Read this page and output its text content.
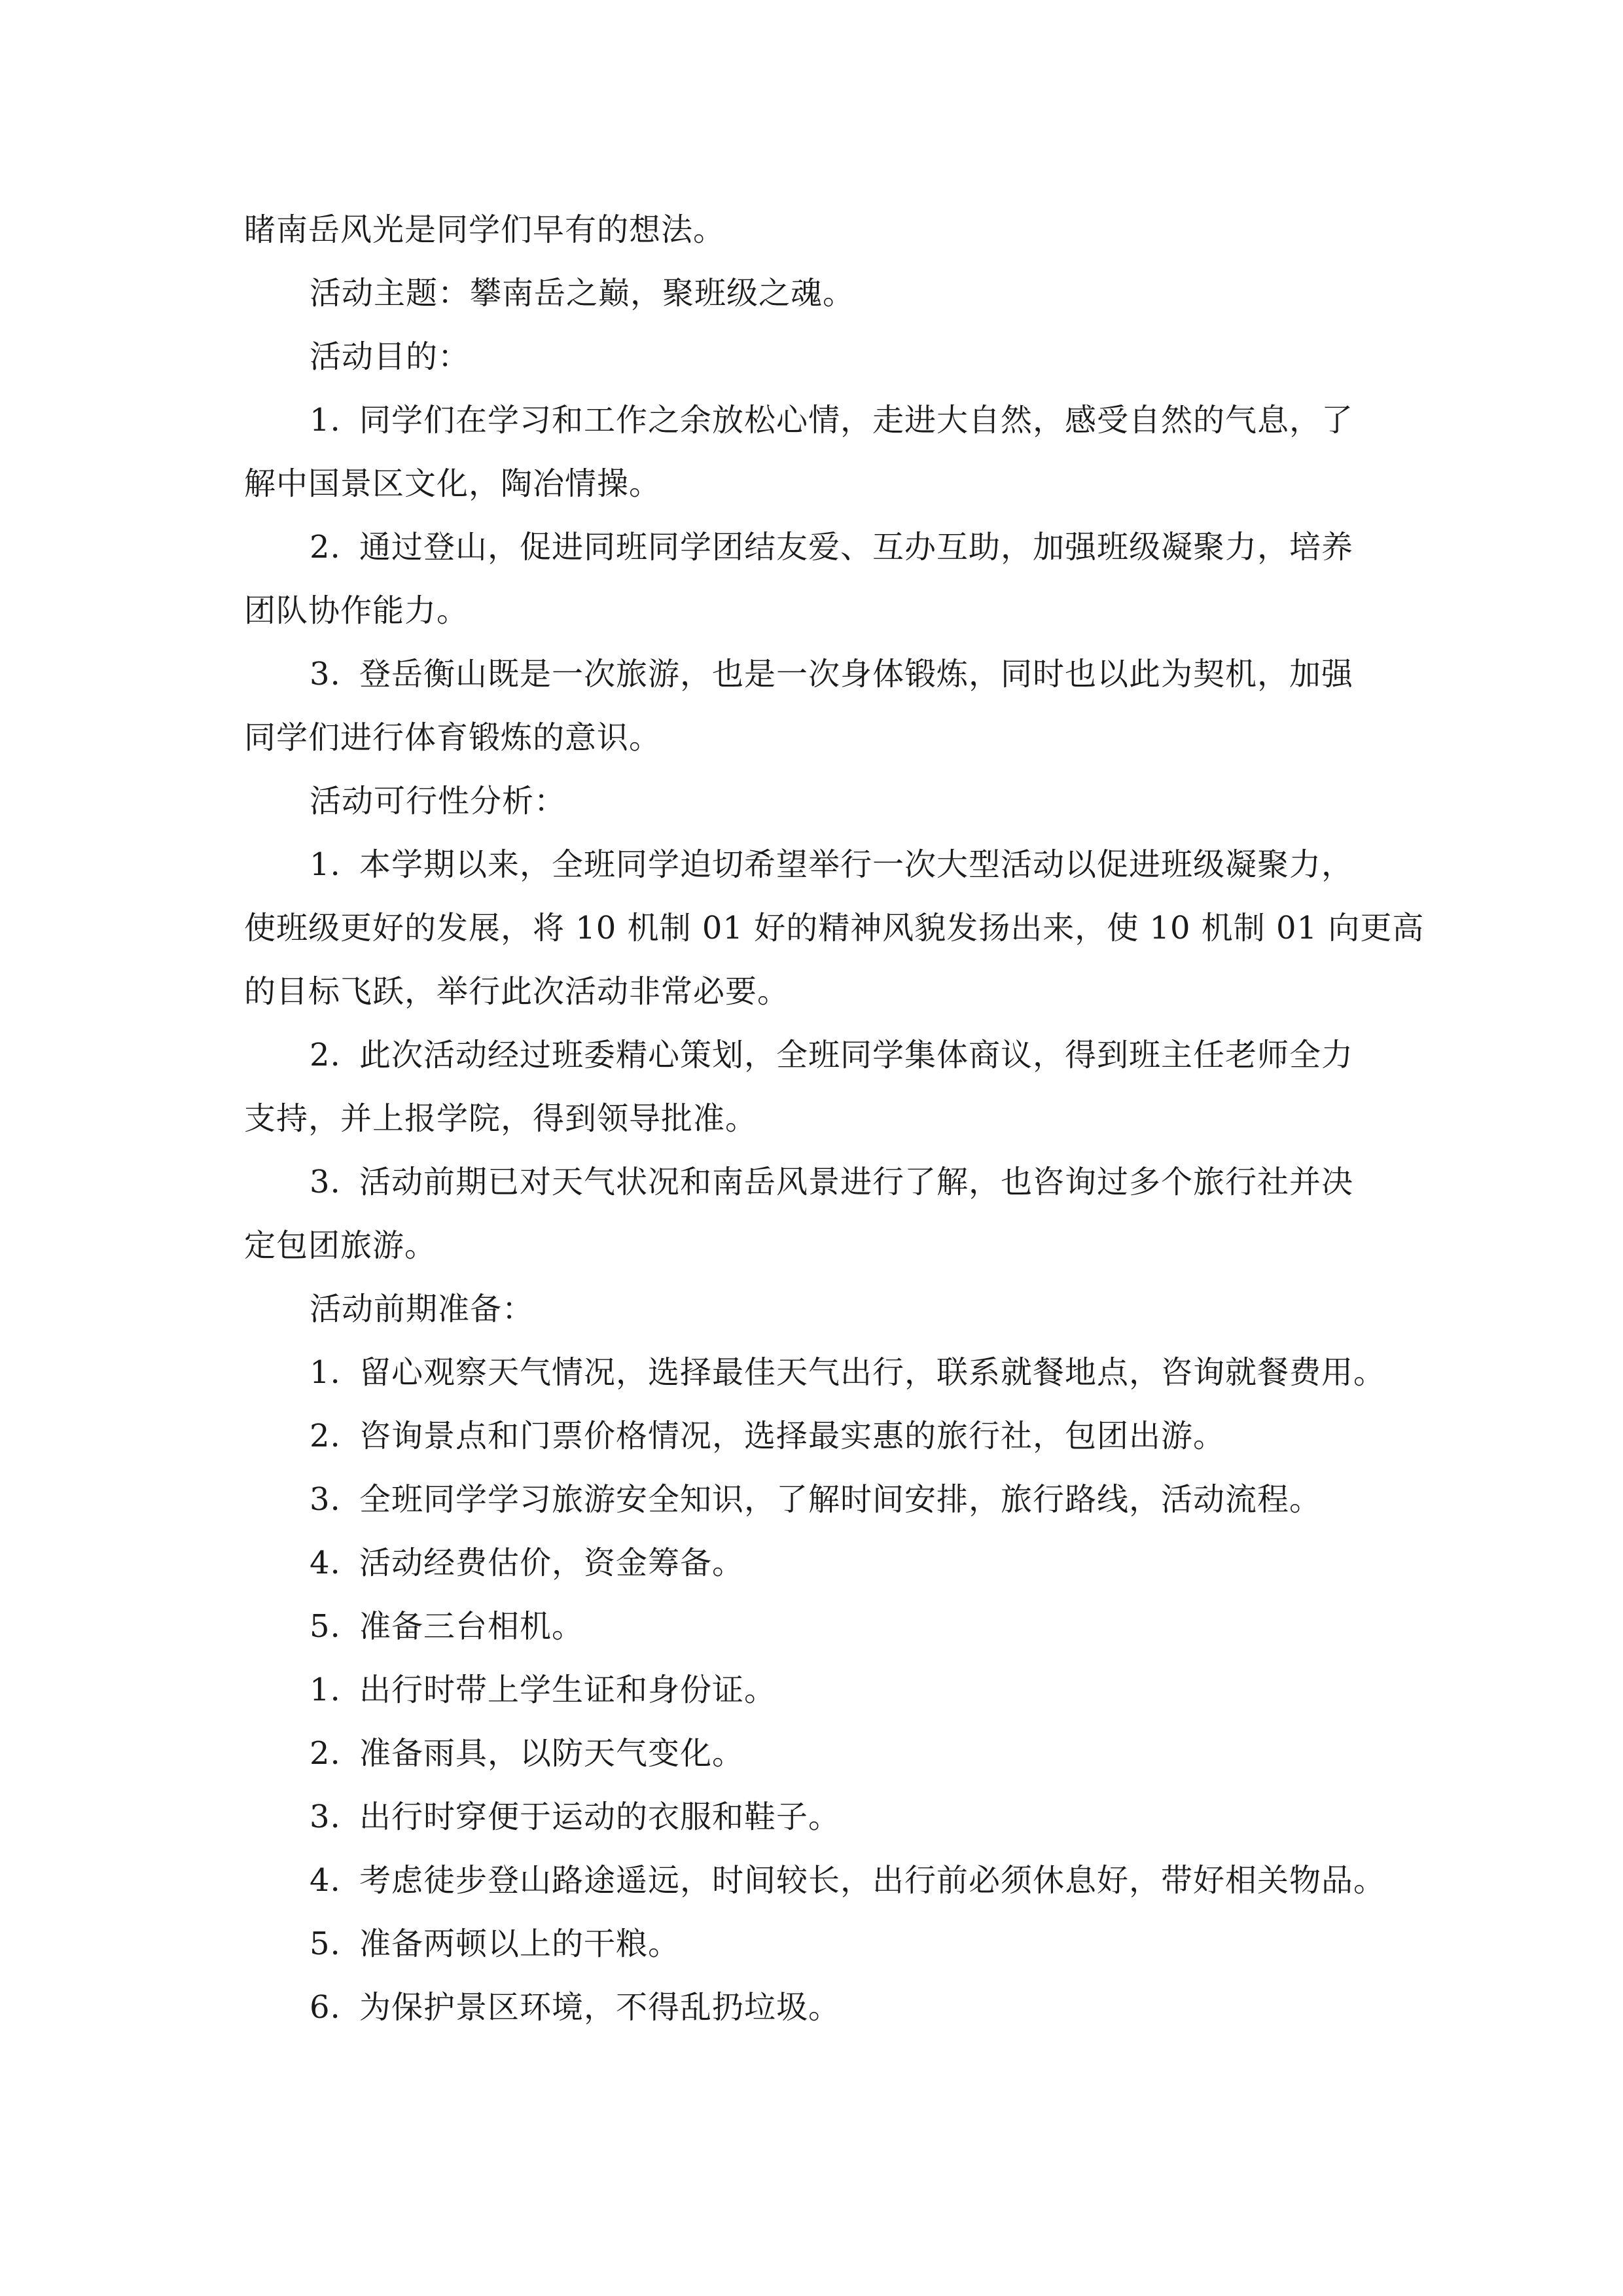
睹南岳风光是同学们早有的想法。
活动主题：攀南岳之巅，聚班级之魂。
活动目的：
1. 同学们在学习和工作之余放松心情，走进大自然，感受自然的气息，了
解中国景区文化，陶冶情操。
2. 通过登山，促进同班同学团结友爱、互办互助，加强班级凝聚力，培养
团队协作能力。
3. 登岳衡山既是一次旅游，也是一次身体锻炼，同时也以此为契机，加强
同学们进行体育锻炼的意识。
活动可行性分析：
1. 本学期以来，全班同学迫切希望举行一次大型活动以促进班级凝聚力，
使班级更好的发展，将 10 机制 01 好的精神风貌发扬出来，使 10 机制 01 向更高
的目标飞跃，举行此次活动非常必要。
2. 此次活动经过班委精心策划，全班同学集体商议，得到班主任老师全力
支持，并上报学院，得到领导批准。
3. 活动前期已对天气状况和南岳风景进行了解，也咨询过多个旅行社并决
定包团旅游。
活动前期准备：
1. 留心观察天气情况，选择最佳天气出行，联系就餐地点，咨询就餐费用。
2. 咨询景点和门票价格情况，选择最实惠的旅行社，包团出游。
3. 全班同学学习旅游安全知识，了解时间安排，旅行路线，活动流程。
4. 活动经费估价，资金筹备。
5. 准备三台相机。
1. 出行时带上学生证和身份证。
2. 准备雨具，以防天气变化。
3. 出行时穿便于运动的衣服和鞋子。
4. 考虑徒步登山路途遥远，时间较长，出行前必须休息好，带好相关物品。
5. 准备两顿以上的干粮。
6. 为保护景区环境，不得乱扔垃圾。
